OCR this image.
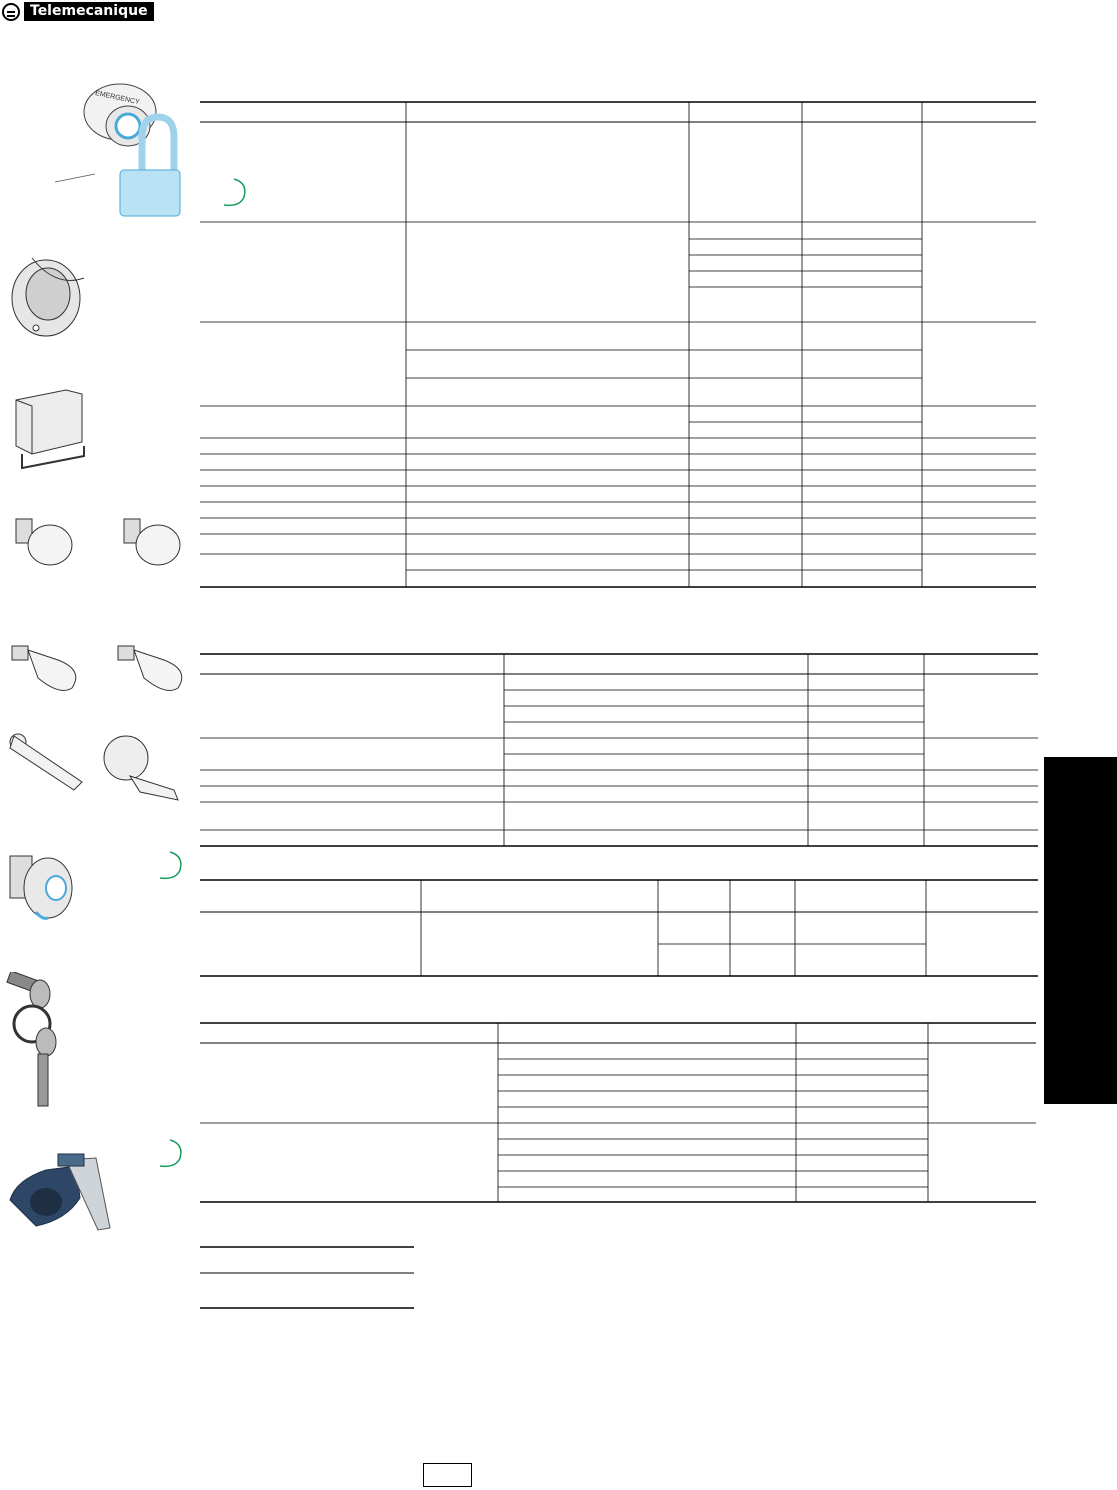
Telemecanique
EMERGENCY
